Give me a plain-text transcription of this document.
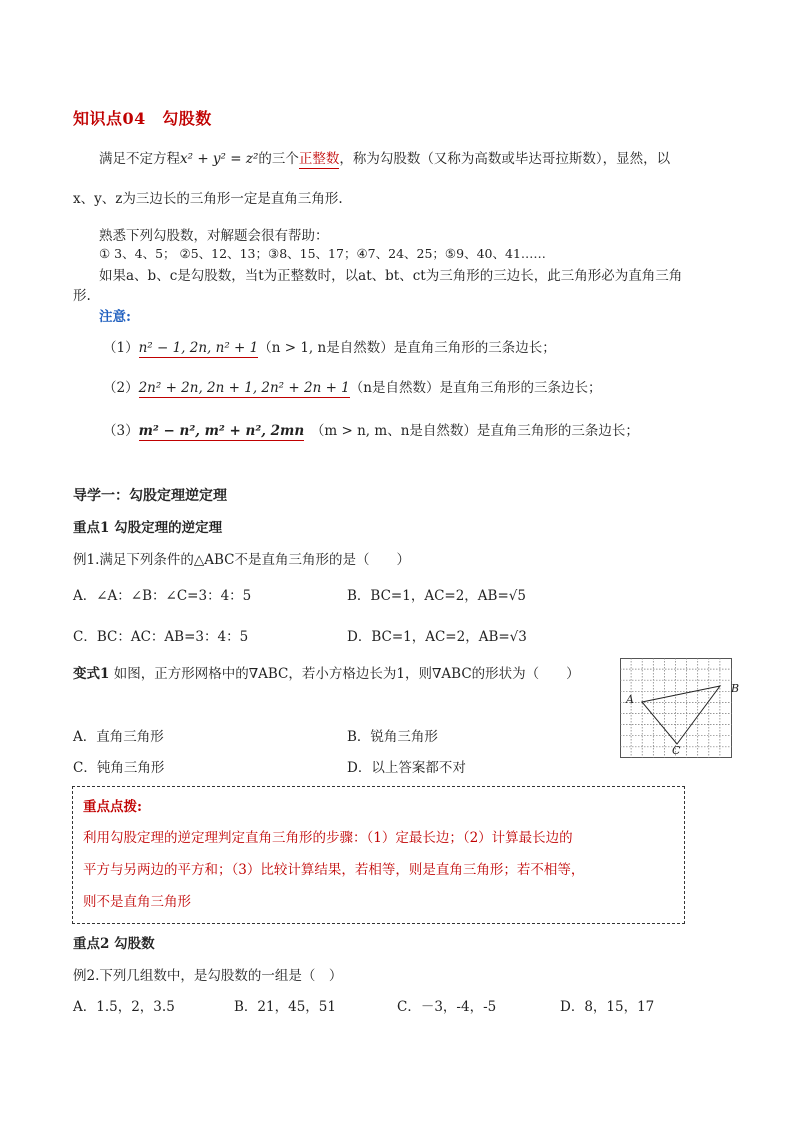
知识点04　勾股数
满足不定方程x² + y² = z²的三个正整数，称为勾股数（又称为高数或毕达哥拉斯数），显然，以
x、y、z为三边长的三角形一定是直角三角形.
熟悉下列勾股数，对解题会很有帮助：
① 3、4、5； ②5、12、13；③8、15、17；④7、24、25；⑤9、40、41……
如果a、b、c是勾股数，当t为正整数时，以at、bt、ct为三角形的三边长，此三角形必为直角三角
形.
注意:
（1）n² − 1, 2n, n² + 1（n > 1, n是自然数）是直角三角形的三条边长；
（2）2n² + 2n, 2n + 1, 2n² + 2n + 1（n是自然数）是直角三角形的三条边长；
（3）m² − n², m² + n², 2mn　 （m > n, m、n是自然数）是直角三角形的三条边长；
导学一：勾股定理逆定理
重点1 勾股定理的逆定理
例1.满足下列条件的△ABC不是直角三角形的是（　　）
A．∠A：∠B：∠C=3：4：5	B．BC=1，AC=2，AB=√5
C．BC：AC：AB=3：4：5	D．BC=1，AC=2，AB=√3
变式1 如图，正方形网格中的∇ABC，若小方格边长为1，则∇ABC的形状为（　　）
A
B
C
A．直角三角形	B．锐角三角形
C．钝角三角形	D．以上答案都不对
重点点拨:
利用勾股定理的逆定理判定直角三角形的步骤：（1）定最长边；（2）计算最长边的
平方与另两边的平方和；（3）比较计算结果，若相等，则是直角三角形；若不相等，
则不是直角三角形
重点2 勾股数
例2.下列几组数中，是勾股数的一组是（　）
A．1.5，2，3.5	B．21，45，51	C．－3，-4，-5	D．8，15，17
